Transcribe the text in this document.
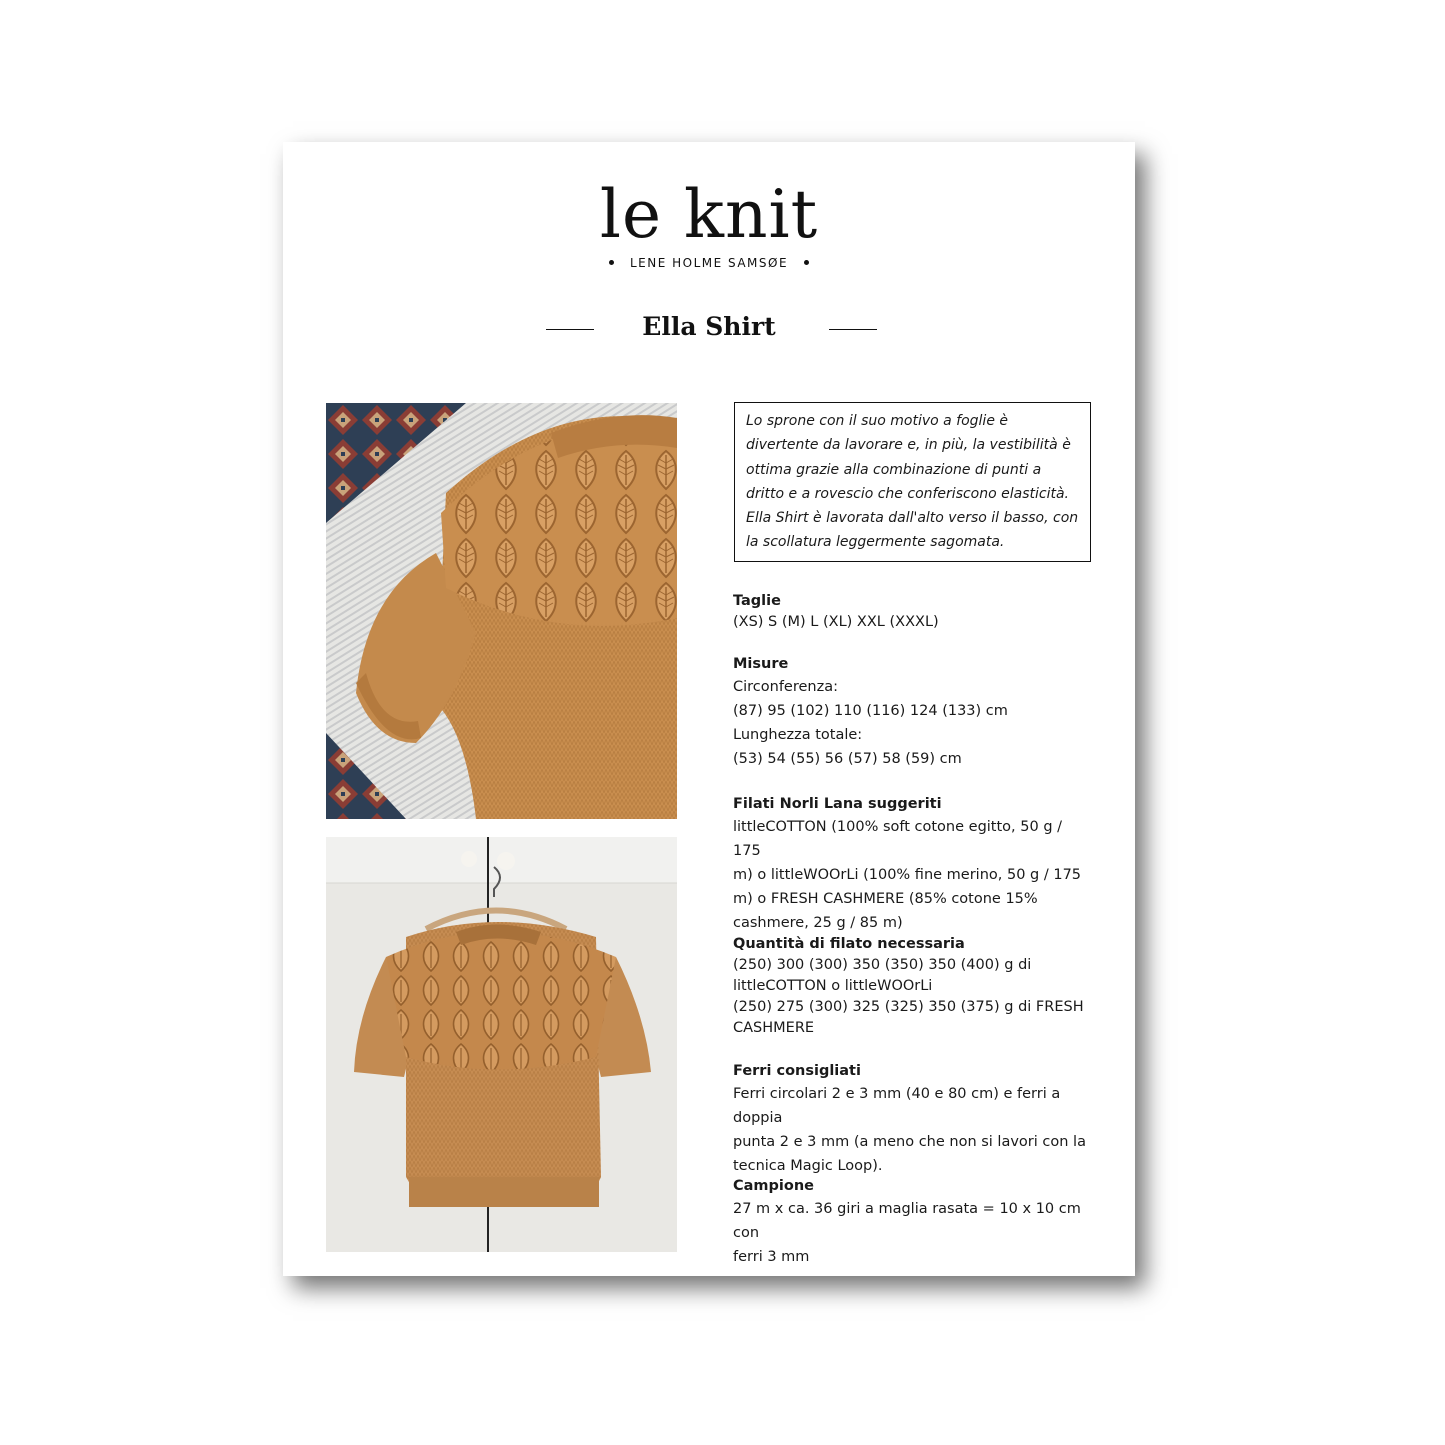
le knit
LENE HOLME SAMSØE
Ella Shirt
Lo sprone con il suo motivo a foglie è divertente da lavorare e, in più, la vestibilità è ottima grazie alla combinazione di punti a dritto e a rovescio che conferiscono elasticità. Ella Shirt è lavorata dall'alto verso il basso, con la scollatura leggermente sagomata.
Taglie
(XS) S (M) L (XL) XXL (XXXL)
Misure
Circonferenza:
(87) 95 (102) 110 (116) 124 (133) cm
Lunghezza totale:
(53) 54 (55) 56 (57) 58 (59) cm
Filati Norli Lana suggeriti
littleCOTTON (100% soft cotone egitto, 50 g / 175
m) o littleWOOrLi (100% fine merino, 50 g / 175
m) o FRESH CASHMERE (85% cotone 15%
cashmere, 25 g / 85 m)
Quantità di filato necessaria
(250) 300 (300) 350 (350) 350 (400) g di
littleCOTTON o littleWOOrLi
(250) 275 (300) 325 (325) 350 (375) g di FRESH
CASHMERE
Ferri consigliati
Ferri circolari 2 e 3 mm (40 e 80 cm) e ferri a doppia
punta 2 e 3 mm (a meno che non si lavori con la
tecnica Magic Loop).
Campione
27 m x ca. 36 giri a maglia rasata = 10 x 10 cm con
ferri 3 mm
